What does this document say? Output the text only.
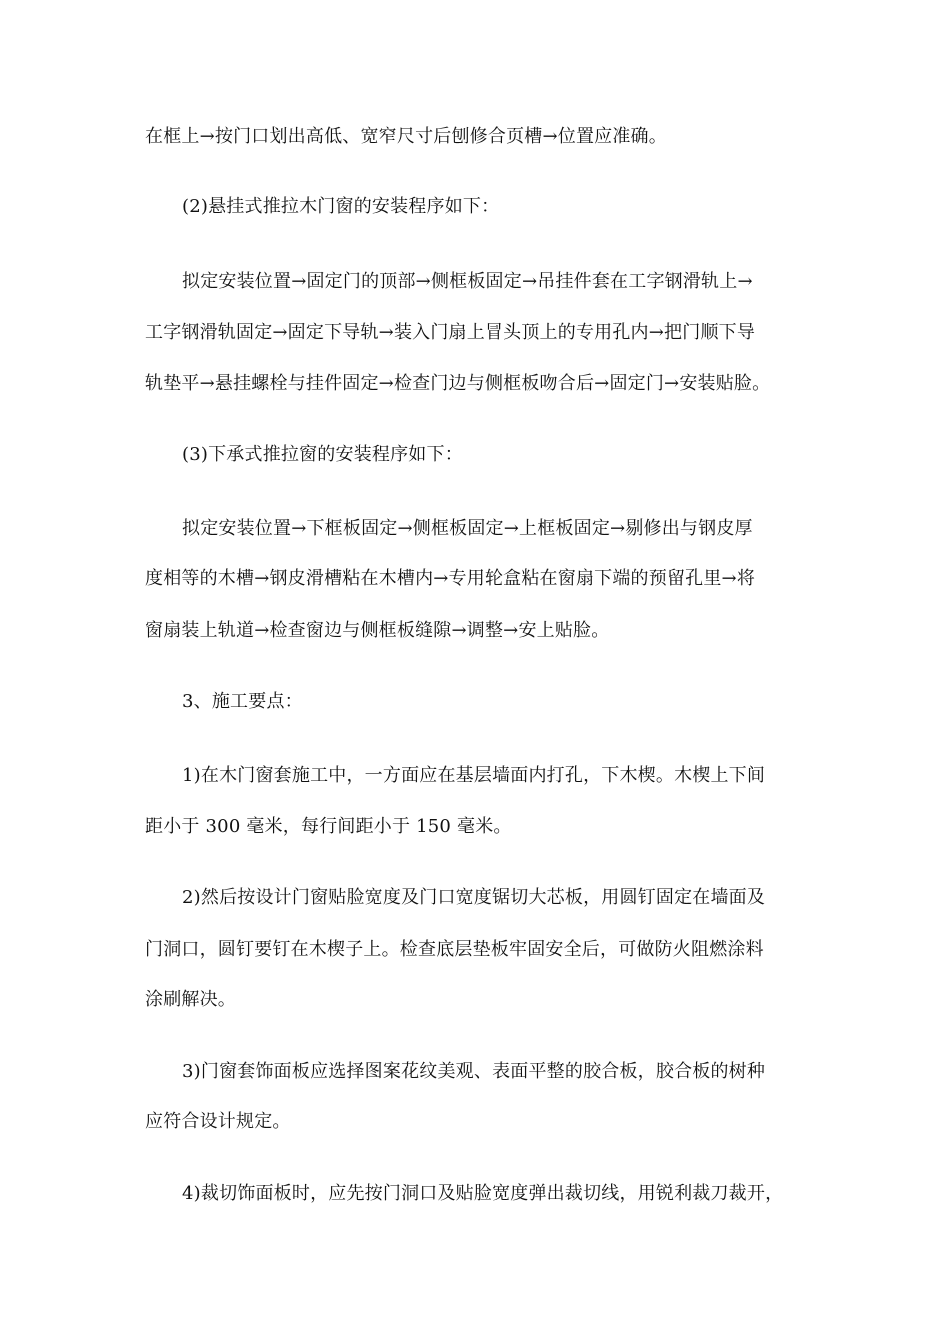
在框上→按门口划出高低、宽窄尺寸后刨修合页槽→位置应准确。
(2)悬挂式推拉木门窗的安装程序如下：
拟定安装位置→固定门的顶部→侧框板固定→吊挂件套在工字钢滑轨上→
工字钢滑轨固定→固定下导轨→装入门扇上冒头顶上的专用孔内→把门顺下导
轨垫平→悬挂螺栓与挂件固定→检查门边与侧框板吻合后→固定门→安装贴脸。
(3)下承式推拉窗的安装程序如下：
拟定安装位置→下框板固定→侧框板固定→上框板固定→剔修出与钢皮厚
度相等的木槽→钢皮滑槽粘在木槽内→专用轮盒粘在窗扇下端的预留孔里→将
窗扇装上轨道→检查窗边与侧框板缝隙→调整→安上贴脸。
3、施工要点：
1)在木门窗套施工中，一方面应在基层墙面内打孔，下木楔。木楔上下间
距小于 300 毫米，每行间距小于 150 毫米。
2)然后按设计门窗贴脸宽度及门口宽度锯切大芯板，用圆钉固定在墙面及
门洞口，圆钉要钉在木楔子上。检查底层垫板牢固安全后，可做防火阻燃涂料
涂刷解决。
3)门窗套饰面板应选择图案花纹美观、表面平整的胶合板，胶合板的树种
应符合设计规定。
4)裁切饰面板时，应先按门洞口及贴脸宽度弹出裁切线，用锐利裁刀裁开，
